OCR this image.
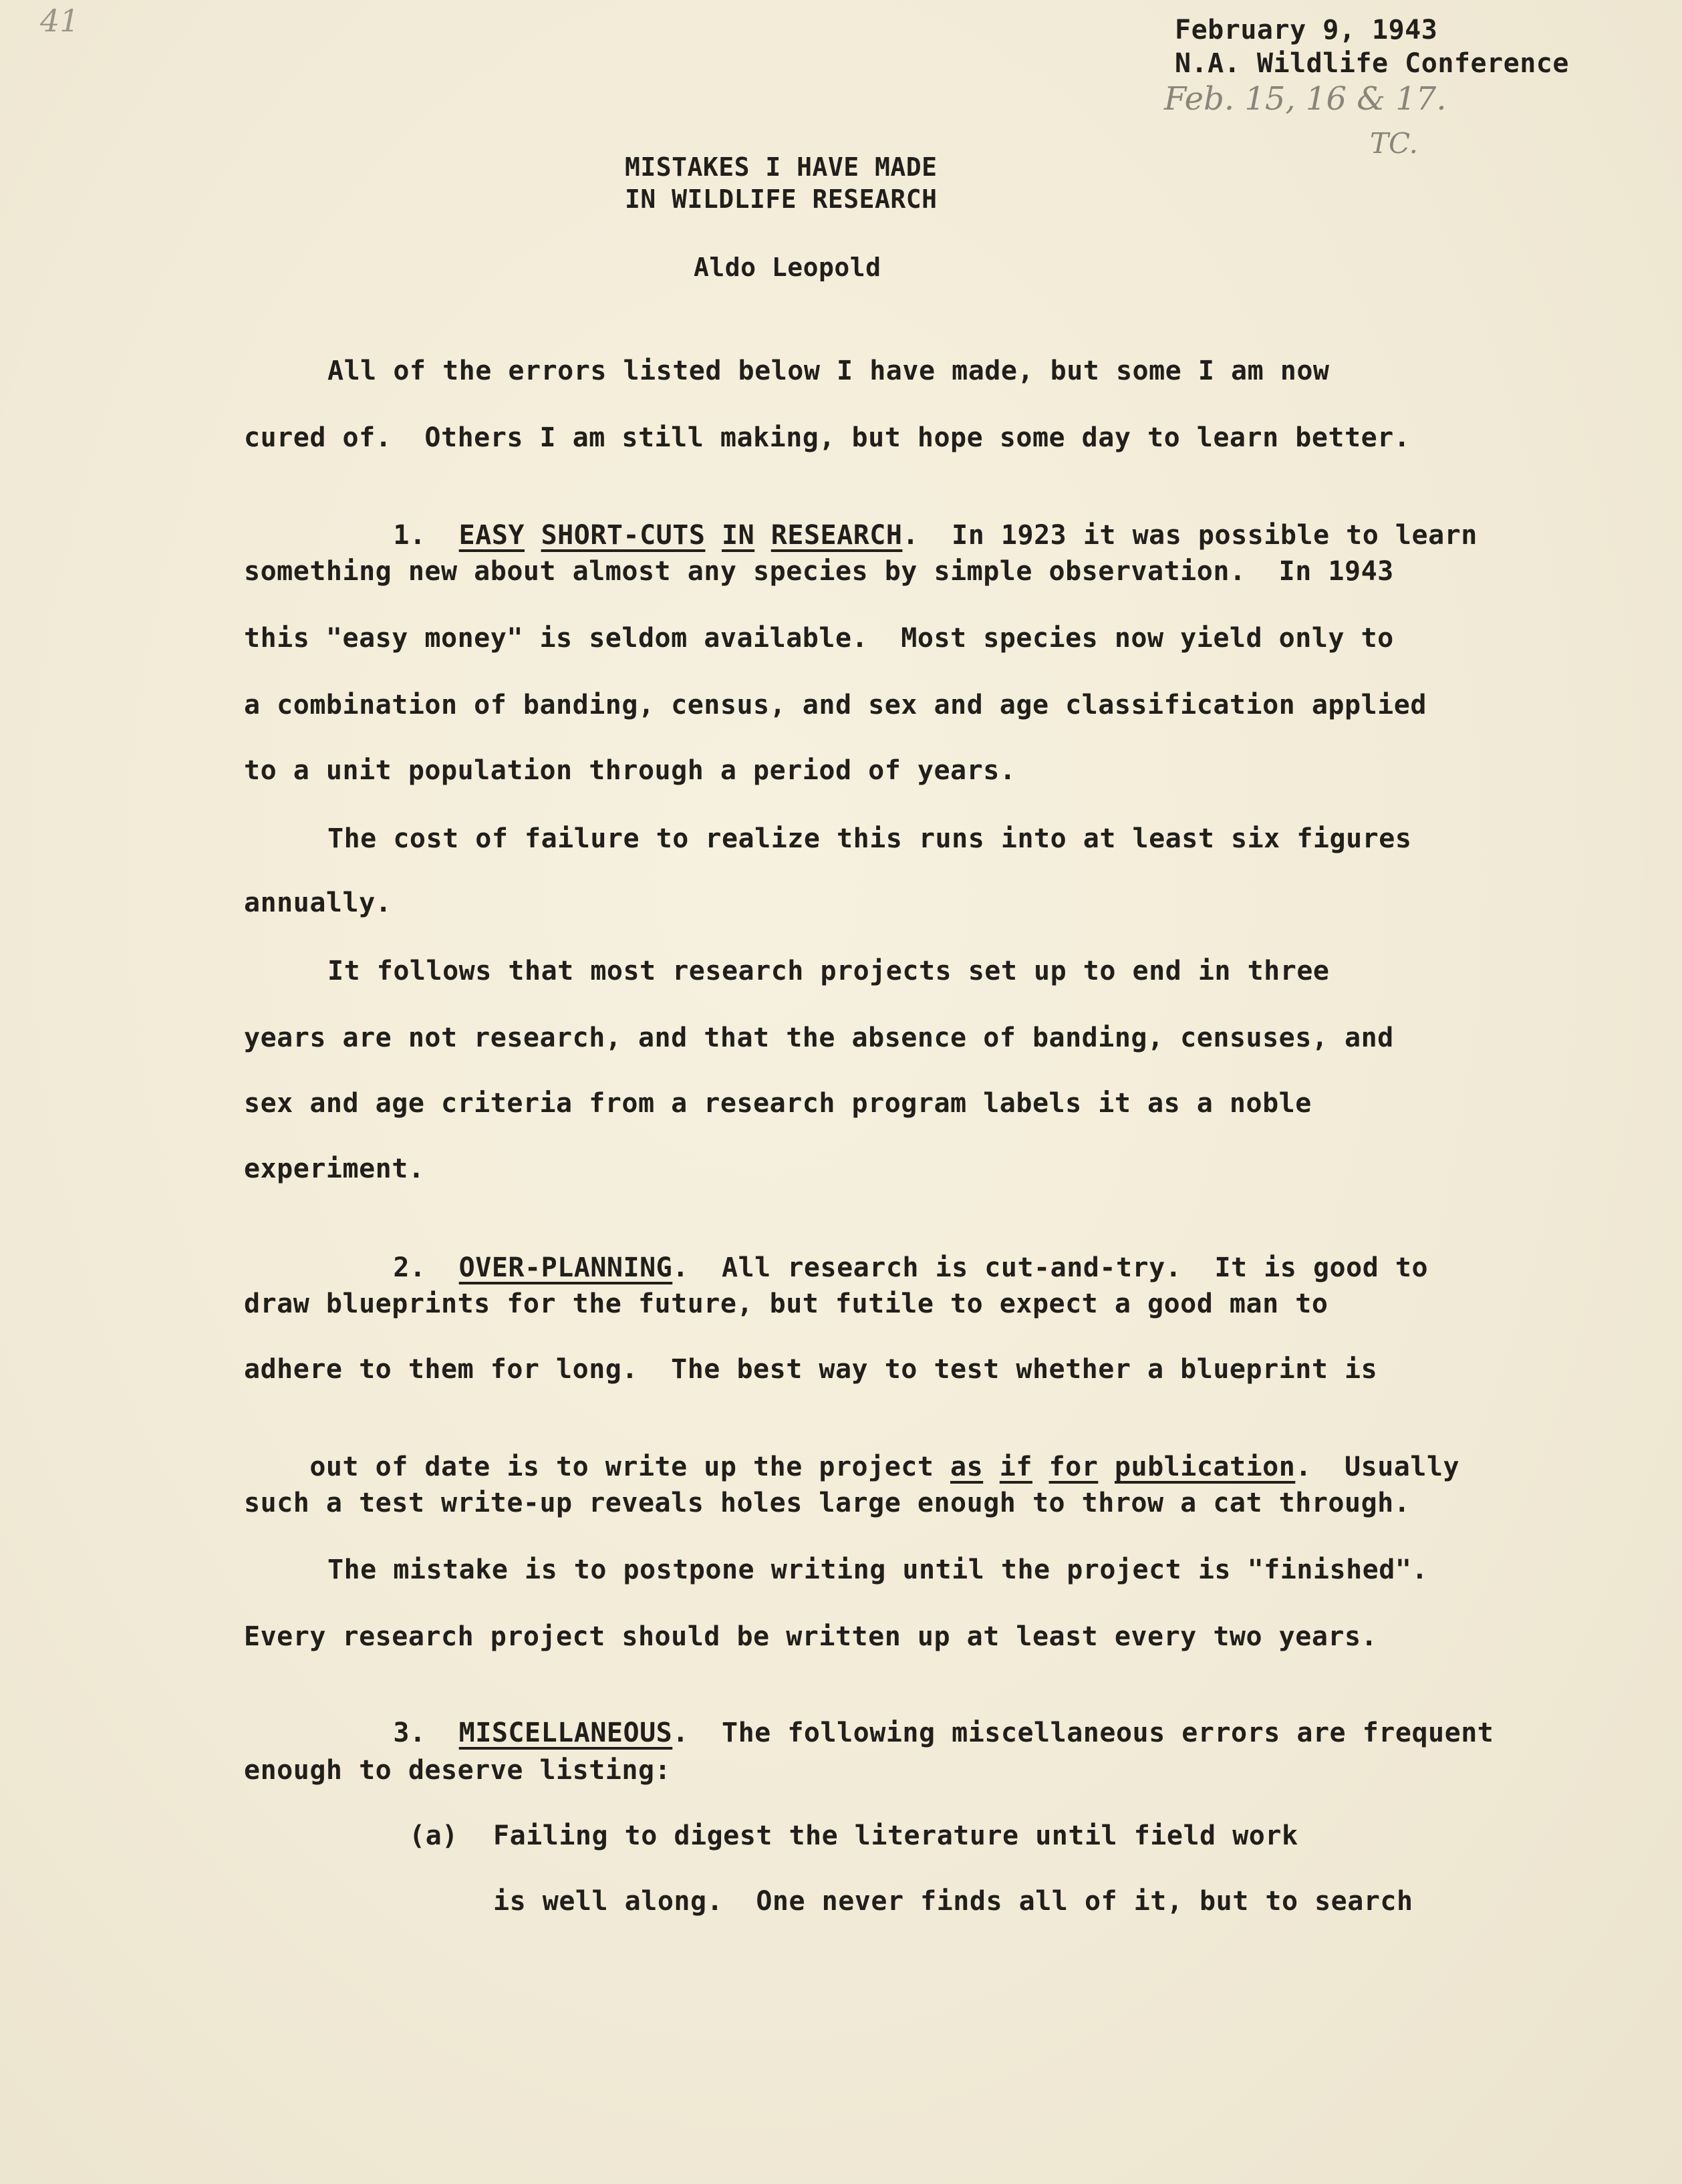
41	February 9, 1943
N.A. Wildlife Conference
Feb. 15, 16 & 17.
TC.
MISTAKES I HAVE MADE
IN WILDLIFE RESEARCH
Aldo Leopold
All of the errors listed below I have made, but some I am now
cured of.  Others I am still making, but hope some day to learn better.

1. EASY SHORT-CUTS IN RESEARCH.  In 1923 it was possible to learn

something new about almost any species by simple observation.  In 1943
this "easy money" is seldom available.  Most species now yield only to
a combination of banding, census, and sex and age classification applied
to a unit population through a period of years.
The cost of failure to realize this runs into at least six figures
annually.
It follows that most research projects set up to end in three
years are not research, and that the absence of banding, censuses, and
sex and age criteria from a research program labels it as a noble
experiment.

2. OVER-PLANNING.  All research is cut-and-try.  It is good to

draw blueprints for the future, but futile to expect a good man to
adhere to them for long.  The best way to test whether a blueprint is

out of date is to write up the project as if for publication.  Usually

such a test write-up reveals holes large enough to throw a cat through.
The mistake is to postpone writing until the project is "finished".
Every research project should be written up at least every two years.

3. MISCELLANEOUS.  The following miscellaneous errors are frequent

enough to deserve listing:
(a) Failing to digest the literature until field work
is well along.  One never finds all of it, but to search
